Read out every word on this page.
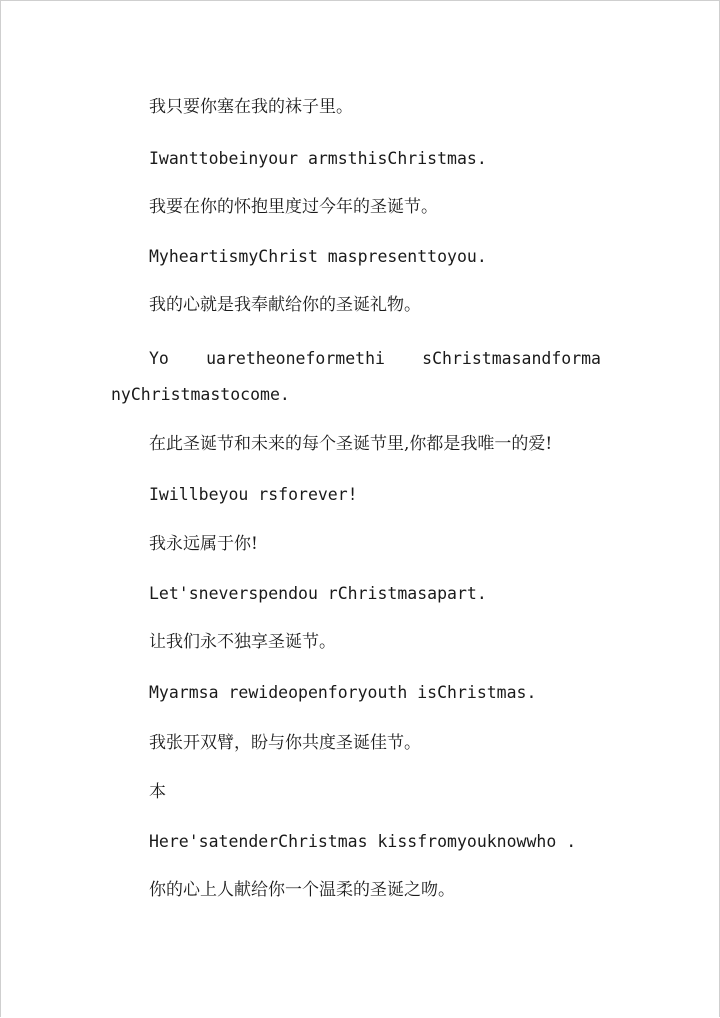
我只要你塞在我的袜子里。
Iwanttobeinyour armsthisChristmas.
我要在你的怀抱里度过今年的圣诞节。
MyheartismyChrist maspresenttoyou.
我的心就是我奉献给你的圣诞礼物。
Yo uaretheoneformethi sChristmasandforma nyChristmastocome.
在此圣诞节和未来的每个圣诞节里,你都是我唯一的爱!
Iwillbeyou rsforever!
我永远属于你!
Let'sneverspendou rChristmasapart.
让我们永不独享圣诞节。
Myarmsa rewideopenforyouth isChristmas.
我张开双臂，盼与你共度圣诞佳节。
本
Here'satenderChristmas kissfromyouknowwho .
你的心上人献给你一个温柔的圣诞之吻。
